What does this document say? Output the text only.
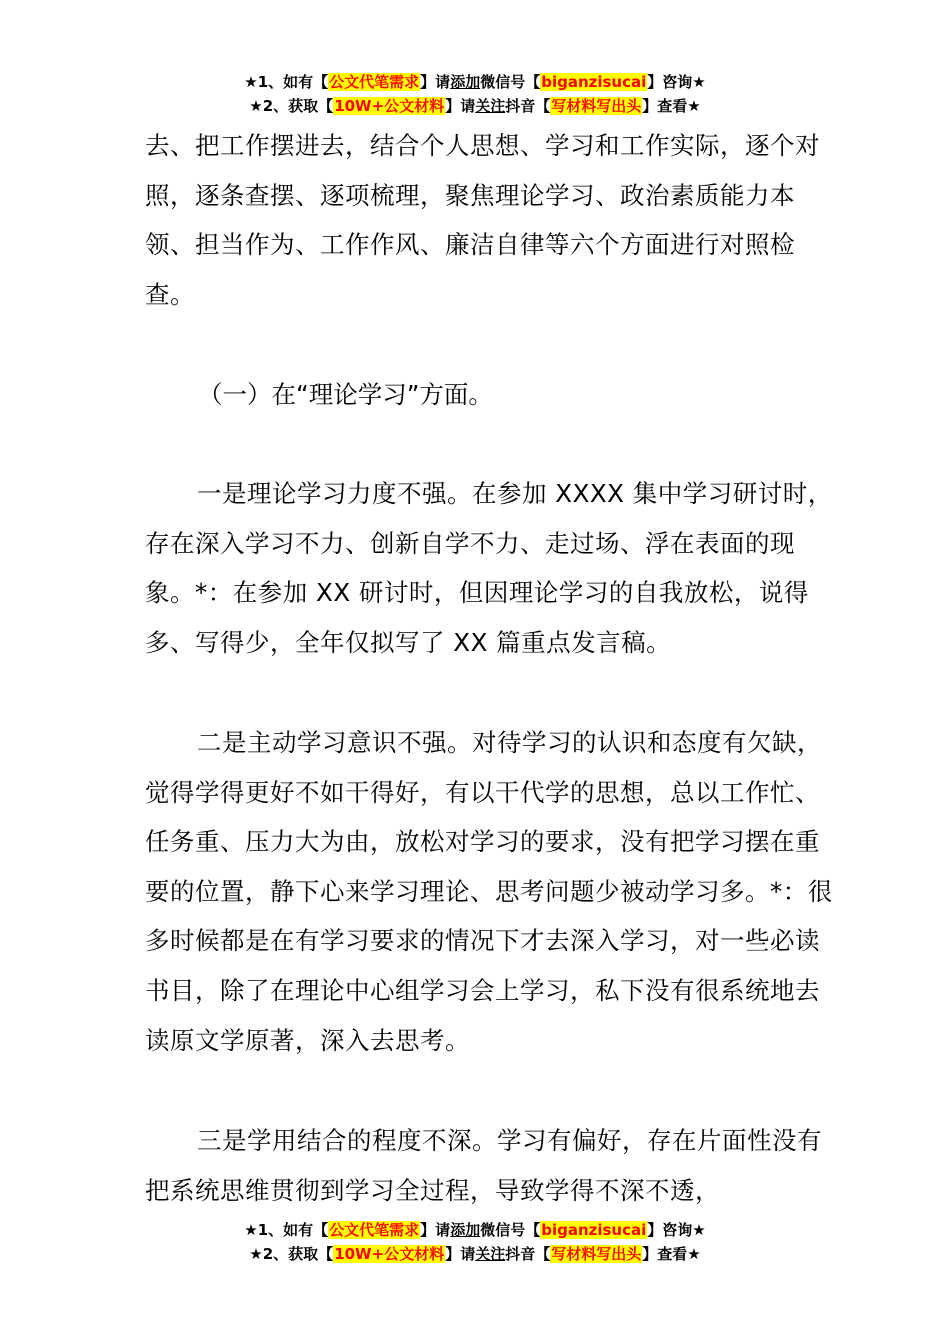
★1、如有【公文代笔需求】请添加微信号【biganzisucai】咨询★
★2、获取【10W+公文材料】请关注抖音【写材料写出头】查看★

去、把工作摆进去，结合个人思想、学习和工作实际，逐个对照，逐条查摆、逐项梳理，聚焦理论学习、政治素质能力本领、担当作为、工作作风、廉洁自律等六个方面进行对照检查。

（一）在“理论学习”方面。

一是理论学习力度不强。在参加 XXXX 集中学习研讨时，存在深入学习不力、创新自学不力、走过场、浮在表面的现象。*：在参加 XX 研讨时，但因理论学习的自我放松，说得多、写得少，全年仅拟写了 XX 篇重点发言稿。

二是主动学习意识不强。对待学习的认识和态度有欠缺，觉得学得更好不如干得好，有以干代学的思想，总以工作忙、任务重、压力大为由，放松对学习的要求，没有把学习摆在重要的位置，静下心来学习理论、思考问题少被动学习多。*：很多时候都是在有学习要求的情况下才去深入学习，对一些必读书目，除了在理论中心组学习会上学习，私下没有很系统地去读原文学原著，深入去思考。

三是学用结合的程度不深。学习有偏好，存在片面性没有把系统思维贯彻到学习全过程，导致学得不深不透，

★1、如有【公文代笔需求】请添加微信号【biganzisucai】咨询★
★2、获取【10W+公文材料】请关注抖音【写材料写出头】查看★
